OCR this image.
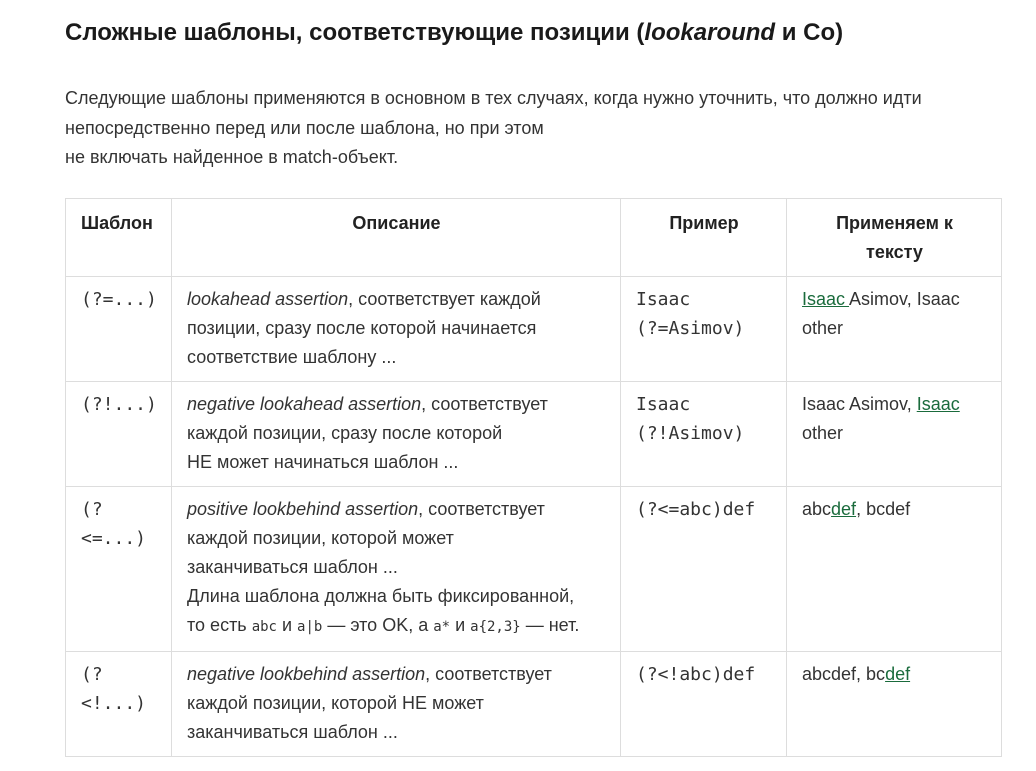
Сложные шаблоны, соответствующие позиции (lookaround и Co)

Следующие шаблоны применяются в основном в тех случаях, когда нужно уточнить, что должно идти
непосредственно перед или после шаблона, но при этом
не включать найденное в match-объект.

Шаблон	Описание	Пример	Применяем к
тексту
(?=...)	lookahead assertion, соответствует каждой
позиции, сразу после которой начинается
соответствие шаблону ...	Isaac
(?=Asimov)	Isaac Asimov, Isaac
other
(?!...)	negative lookahead assertion, соответствует
каждой позиции, сразу после которой
НЕ может начинаться шаблон ...	Isaac
(?!Asimov)	Isaac Asimov, Isaac
other
(?<=...)	positive lookbehind assertion, соответствует
каждой позиции, которой может
заканчиваться шаблон ...
Длина шаблона должна быть фиксированной,
то есть abc и a|b — это OK, а a* и a{2,3} — нет.	(?<=abc)def	abcdef, bcdef
(?<!...)	negative lookbehind assertion, соответствует
каждой позиции, которой НЕ может
заканчиваться шаблон ...	(?<!abc)def	abcdef, bcdef
